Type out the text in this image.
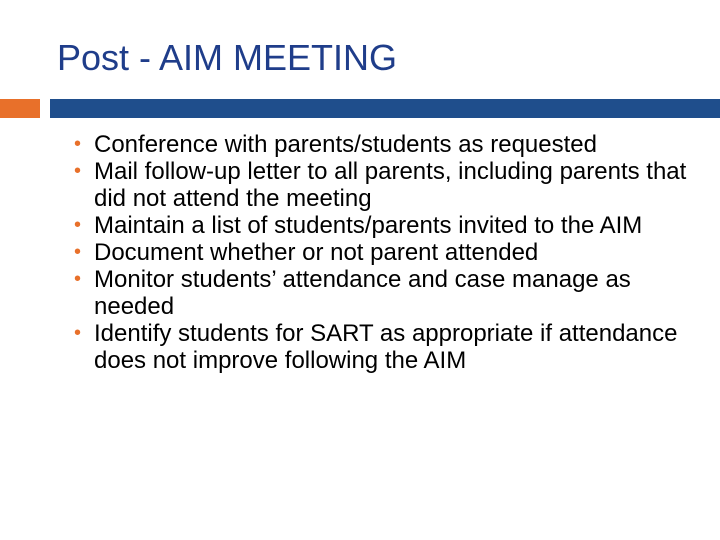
Post - AIM MEETING
• Conference with parents/students as requested
• Mail follow-up letter to all parents, including parents that did not attend the meeting
• Maintain a list of students/parents invited to the AIM
• Document whether or not parent attended
• Monitor students’ attendance and case manage as needed
• Identify students for SART as appropriate if attendance does not improve following the AIM
